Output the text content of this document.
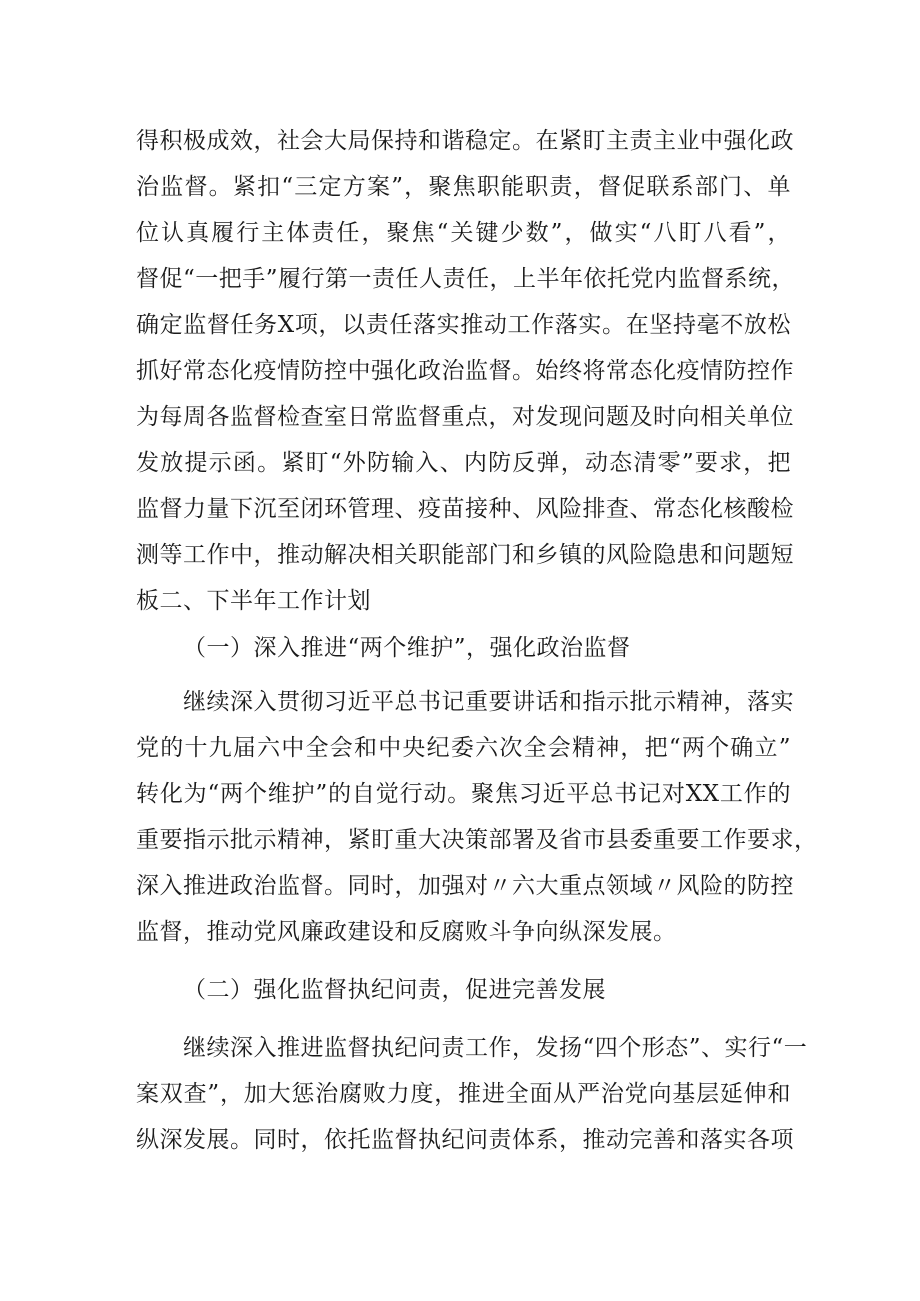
得积极成效，社会大局保持和谐稳定。在紧盯主责主业中强化政
治监督。紧扣“三定方案”，聚焦职能职责，督促联系部门、单
位认真履行主体责任，聚焦“关键少数”，做实“八盯八看”，
督促“一把手”履行第一责任人责任，上半年依托党内监督系统，
确定监督任务X项，以责任落实推动工作落实。在坚持毫不放松
抓好常态化疫情防控中强化政治监督。始终将常态化疫情防控作
为每周各监督检查室日常监督重点，对发现问题及时向相关单位
发放提示函。紧盯“外防输入、内防反弹，动态清零”要求，把
监督力量下沉至闭环管理、疫苗接种、风险排查、常态化核酸检
测等工作中，推动解决相关职能部门和乡镇的风险隐患和问题短
板二、下半年工作计划
（一）深入推进“两个维护”，强化政治监督
继续深入贯彻习近平总书记重要讲话和指示批示精神，落实
党的十九届六中全会和中央纪委六次全会精神，把“两个确立”
转化为“两个维护”的自觉行动。聚焦习近平总书记对XX工作的
重要指示批示精神，紧盯重大决策部署及省市县委重要工作要求，
深入推进政治监督。同时，加强对〃六大重点领域〃风险的防控
监督，推动党风廉政建设和反腐败斗争向纵深发展。
（二）强化监督执纪问责，促进完善发展
继续深入推进监督执纪问责工作，发扬“四个形态”、实行“一
案双查”，加大惩治腐败力度，推进全面从严治党向基层延伸和
纵深发展。同时，依托监督执纪问责体系，推动完善和落实各项
